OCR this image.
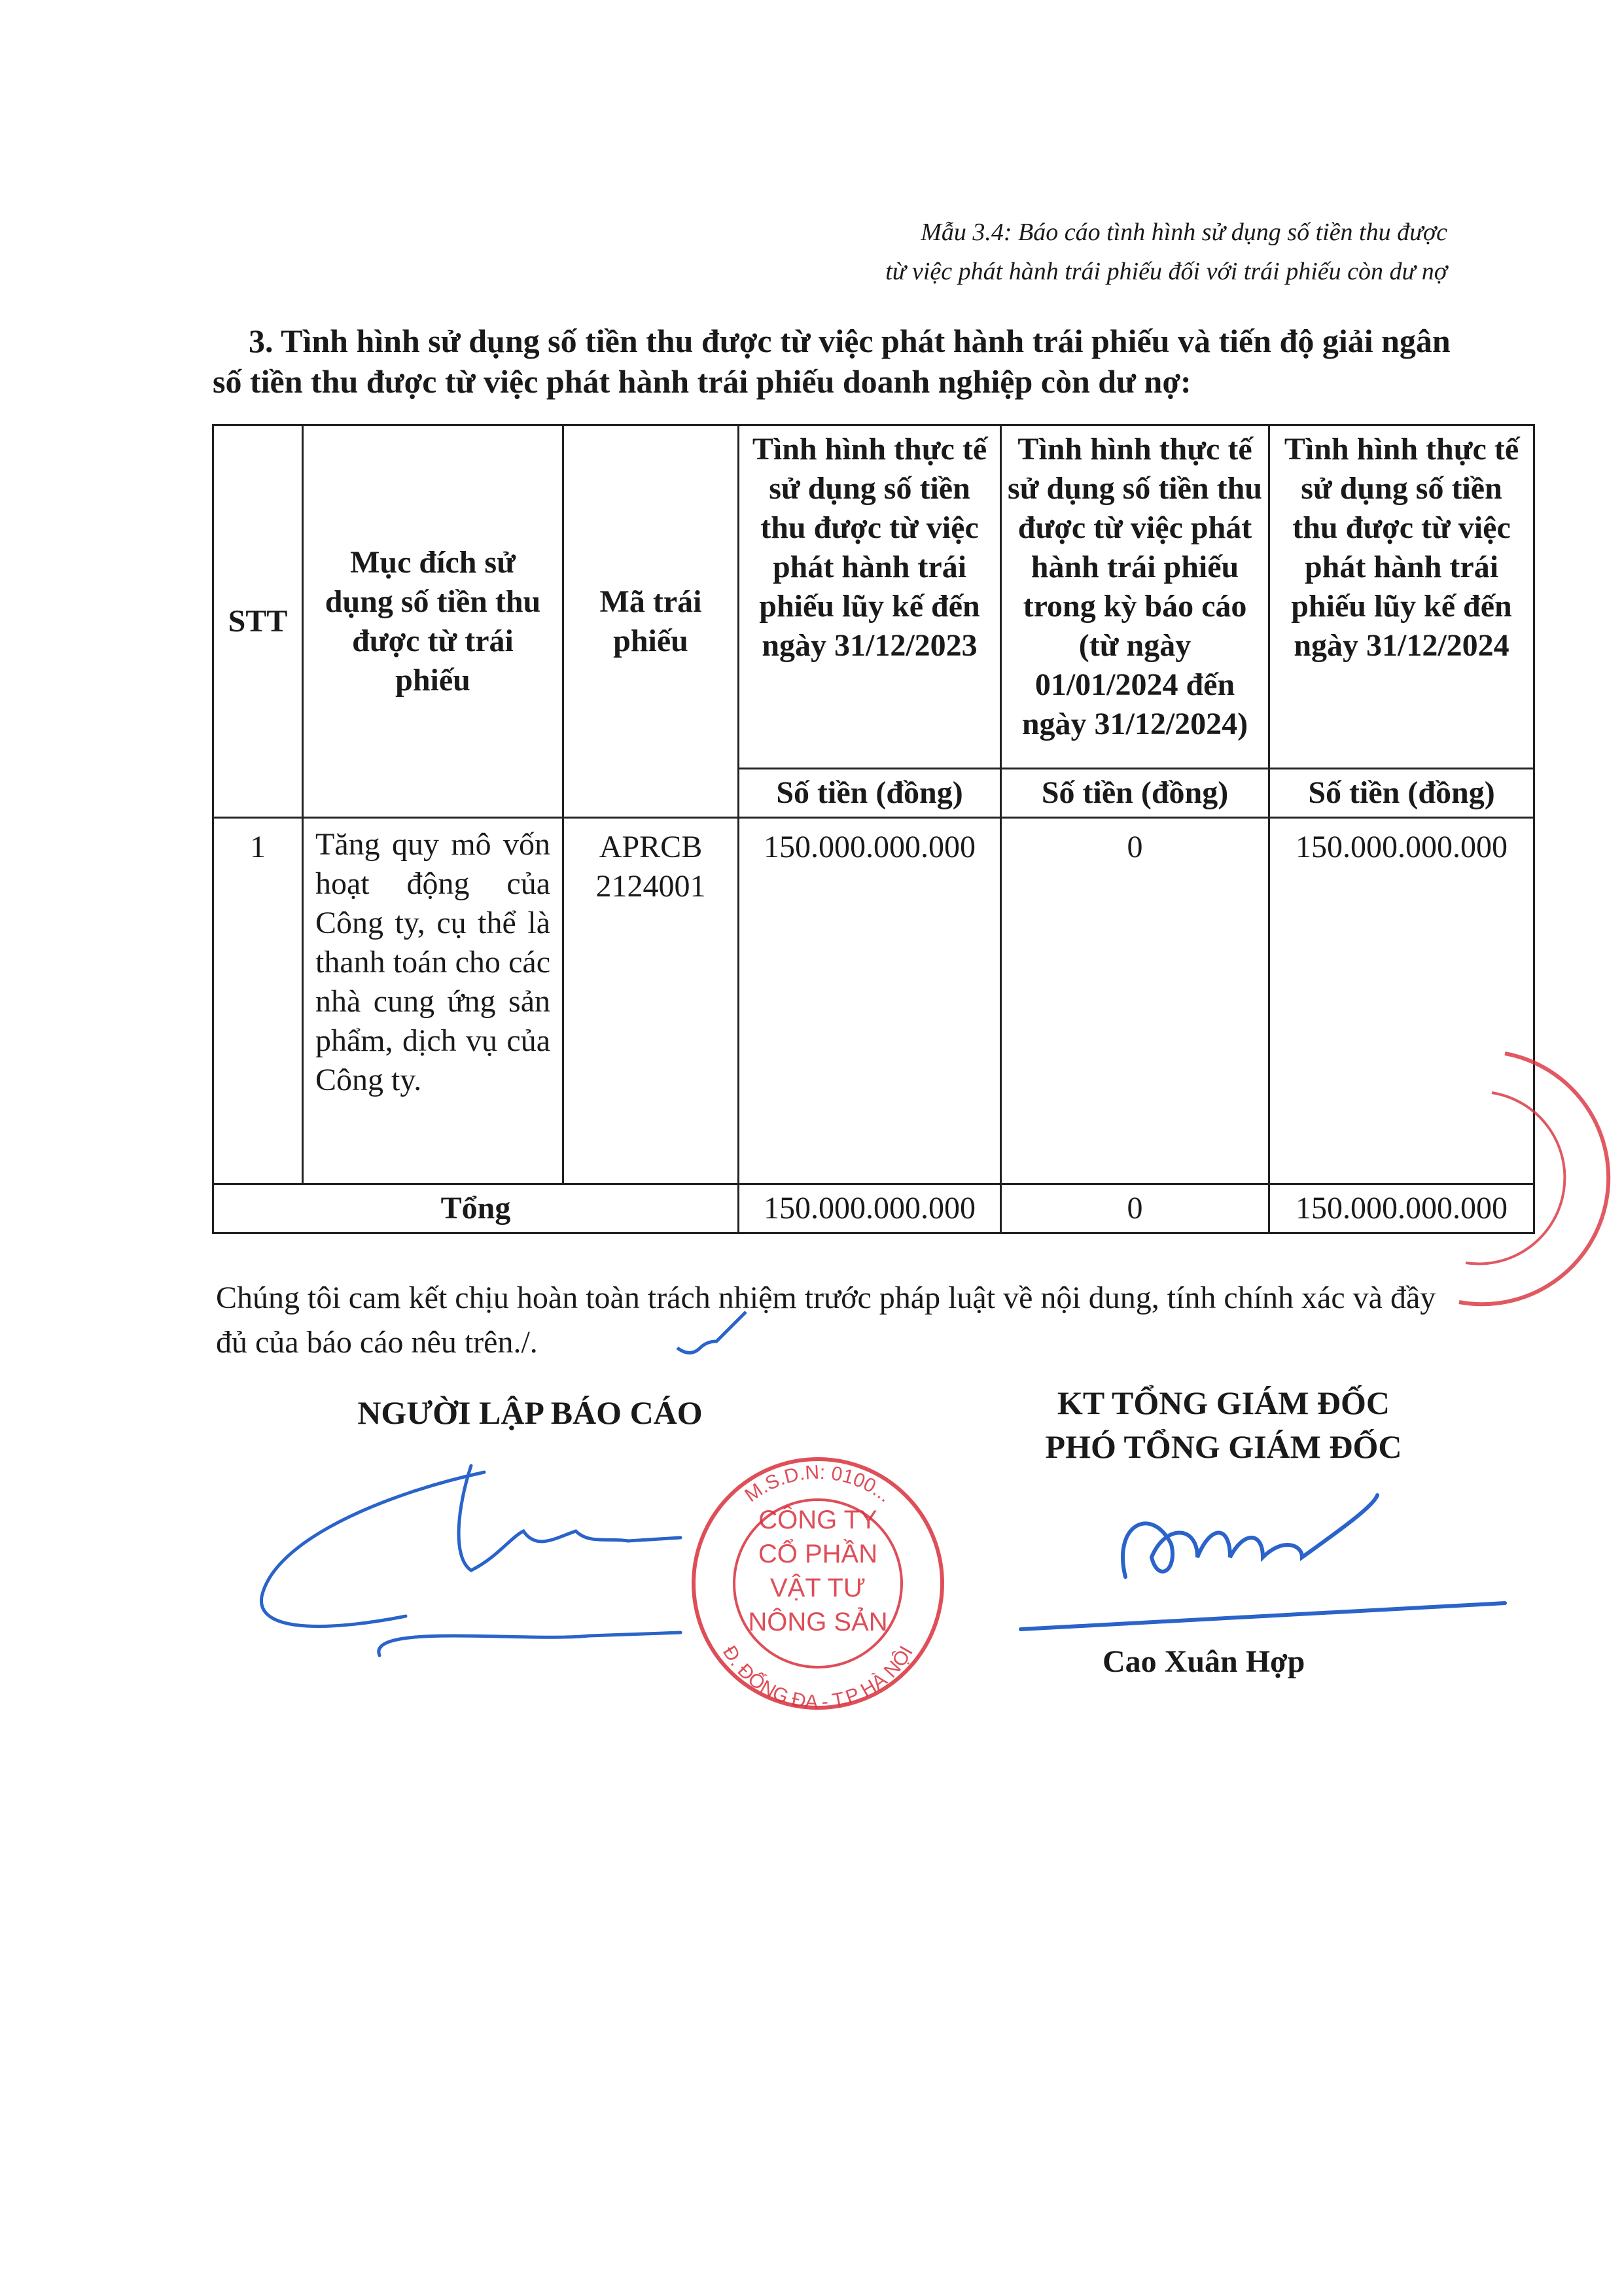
Mẫu 3.4: Báo cáo tình hình sử dụng số tiền thu được
từ việc phát hành trái phiếu đối với trái phiếu còn dư nợ
3. Tình hình sử dụng số tiền thu được từ việc phát hành trái phiếu và tiến độ giải ngân số tiền thu được từ việc phát hành trái phiếu doanh nghiệp còn dư nợ:
STT	Mục đích sử dụng số tiền thu được từ trái phiếu	Mã trái phiếu	Tình hình thực tế sử dụng số tiền thu được từ việc phát hành trái phiếu lũy kế đến ngày 31/12/2023	Tình hình thực tế sử dụng số tiền thu được từ việc phát hành trái phiếu trong kỳ báo cáo (từ ngày 01/01/2024 đến ngày 31/12/2024)	Tình hình thực tế sử dụng số tiền thu được từ việc phát hành trái phiếu lũy kế đến ngày 31/12/2024
			Số tiền (đồng)	Số tiền (đồng)	Số tiền (đồng)
1	Tăng quy mô vốn hoạt động của Công ty, cụ thể là thanh toán cho các nhà cung ứng sản phẩm, dịch vụ của Công ty.	APRCB 2124001	150.000.000.000	0	150.000.000.000
Tổng			150.000.000.000	0	150.000.000.000
Chúng tôi cam kết chịu hoàn toàn trách nhiệm trước pháp luật về nội dung, tính chính xác và đầy đủ của báo cáo nêu trên./.
M.S.D.N: 0100...
Đ. ĐỐNG ĐA - T.P HÀ NỘI
CÔNG TY
CỔ PHẦN
VẬT TƯ
NÔNG SẢN
NGƯỜI LẬP BÁO CÁO	KT TỔNG GIÁM ĐỐC
PHÓ TỔNG GIÁM ĐỐC
Cao Xuân Hợp
